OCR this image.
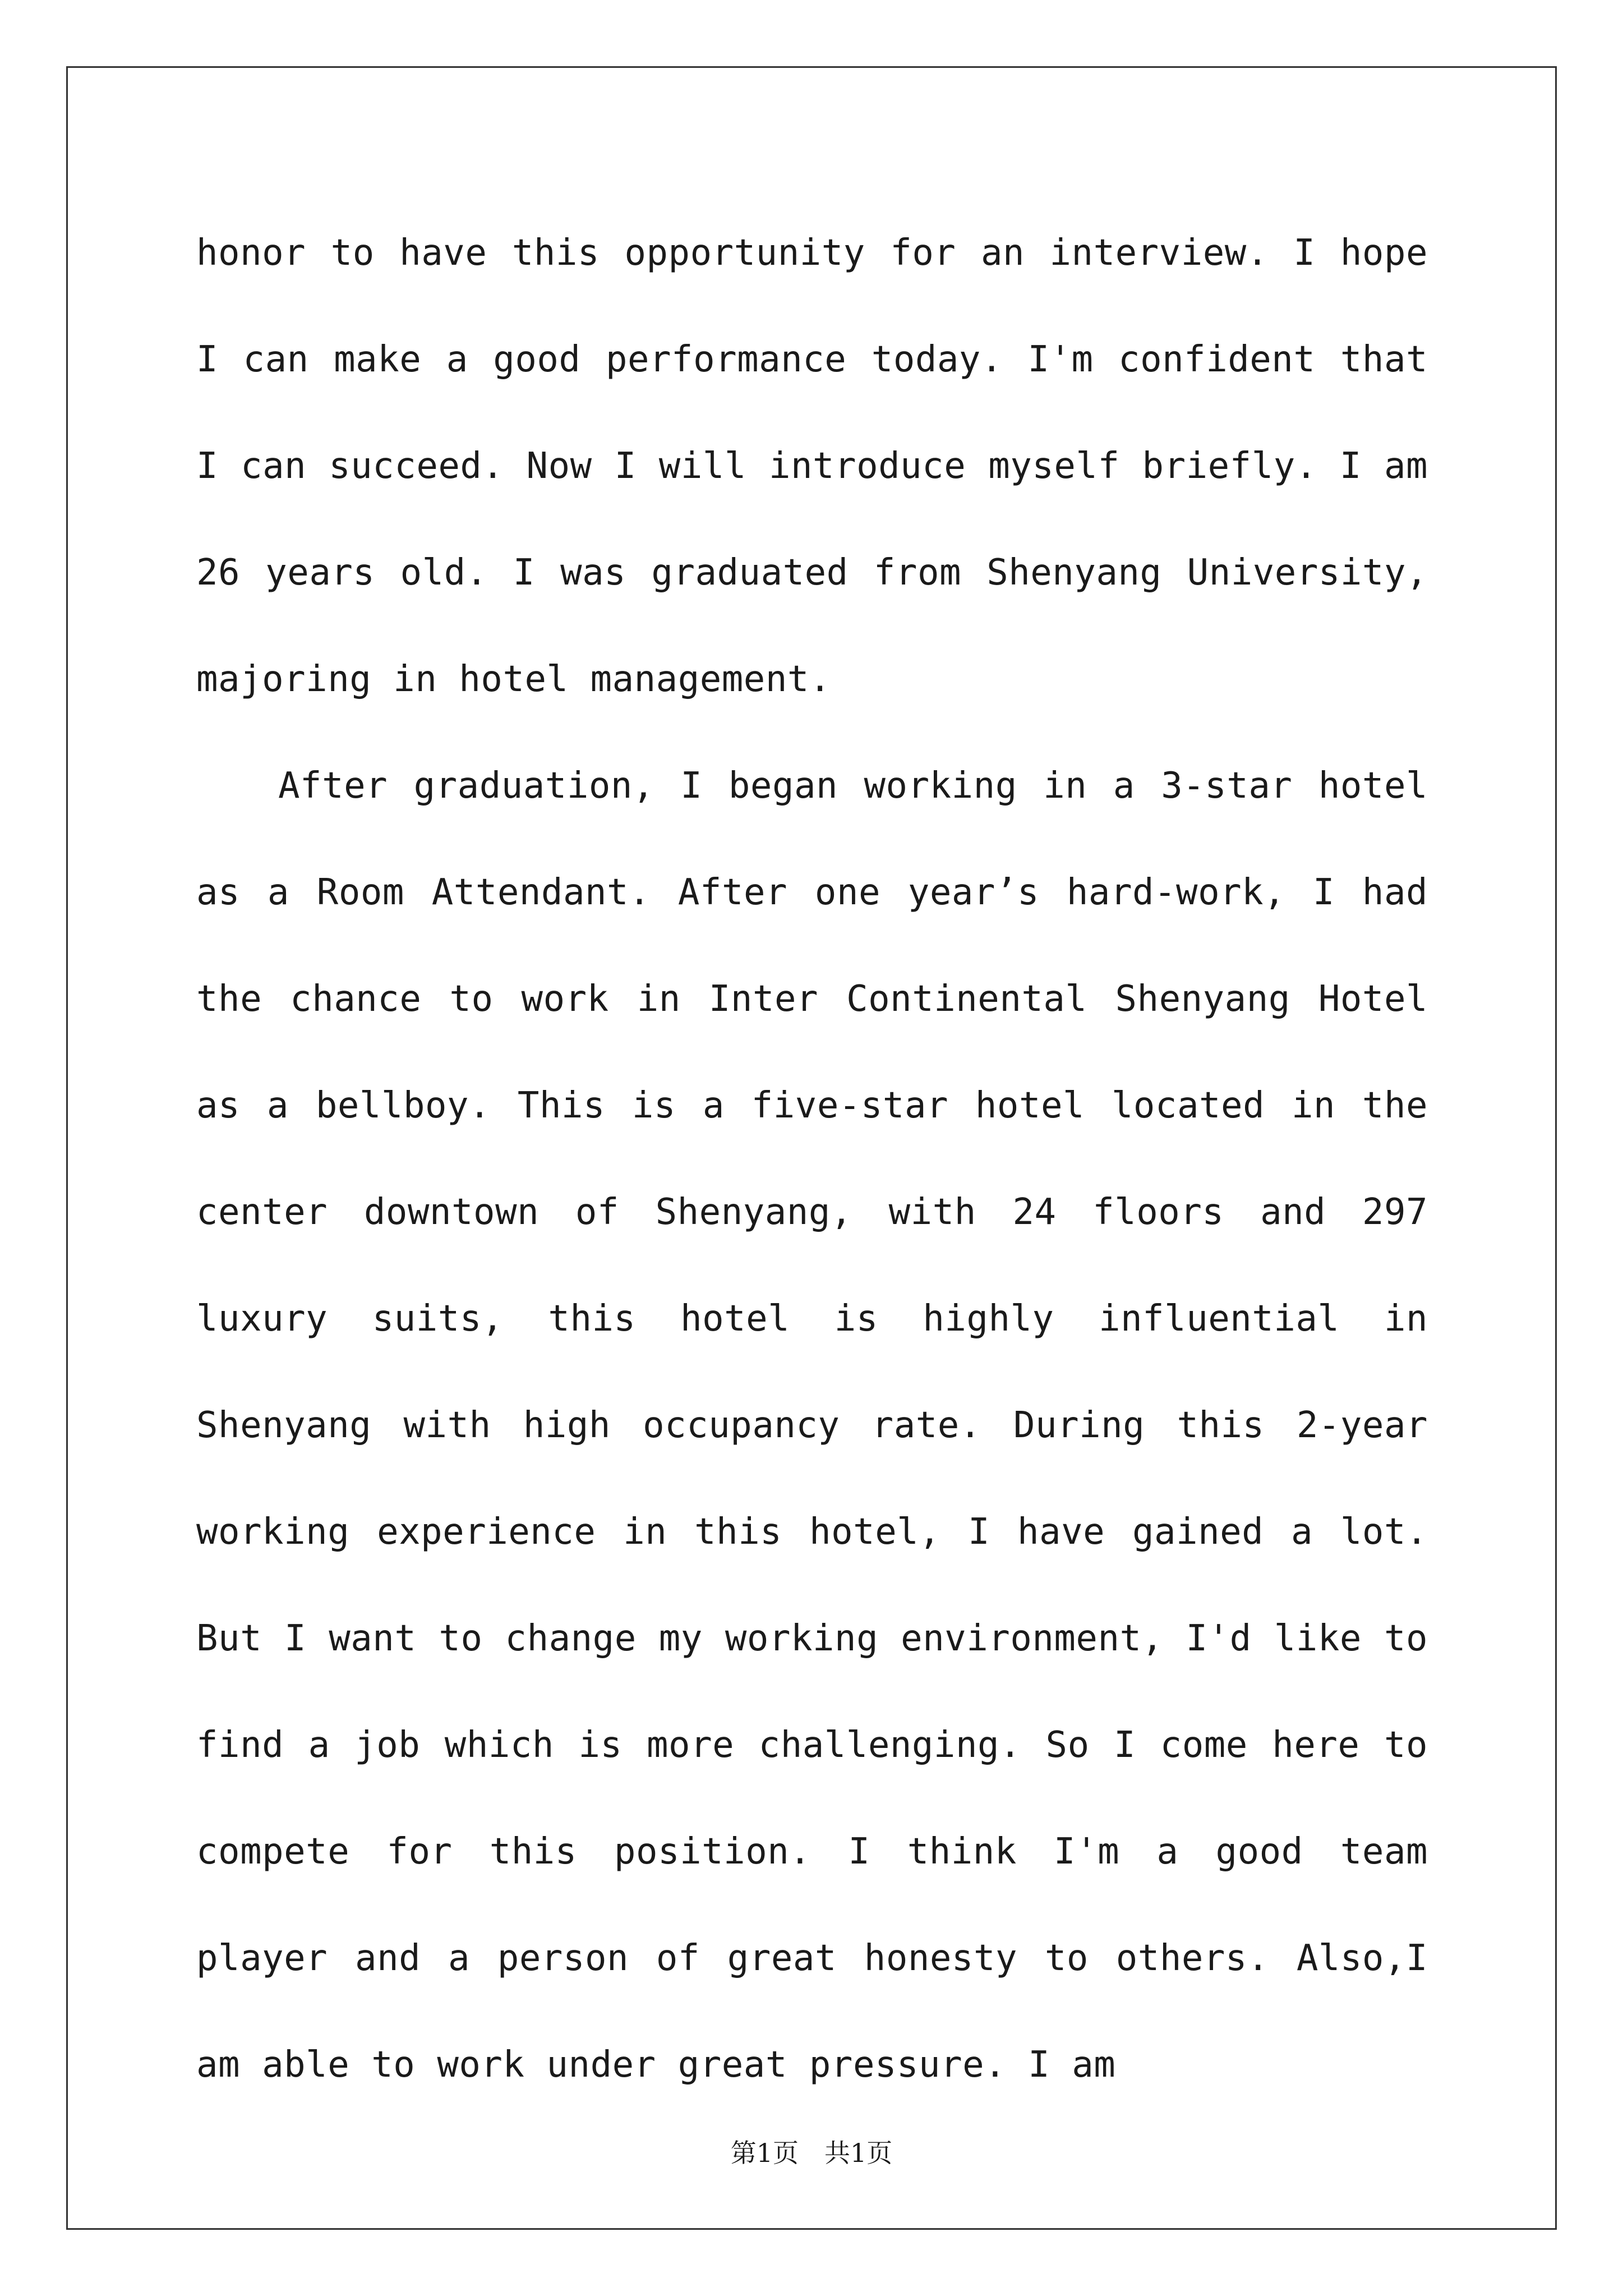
honor to have this opportunity for an interview. I hope I can make a good performance today. I'm confident that I can succeed. Now I will introduce myself briefly. I am 26 years old. I was graduated from Shenyang University, majoring in hotel management.

After graduation, I began working in a 3-star hotel as a Room Attendant. After one year’s hard-work, I had the chance to work in Inter Continental Shenyang Hotel as a bellboy. This is a five-star hotel located in the center downtown of Shenyang, with 24 floors and 297 luxury suits, this hotel is highly influential in Shenyang with high occupancy rate. During this 2-year working experience in this hotel, I have gained a lot. But I want to change my working environment, I'd like to find a job which is more challenging. So I come here to compete for this position. I think I'm a good team player and a person of great honesty to others. Also,I am able to work under great pressure. I am

第1页　共1页
